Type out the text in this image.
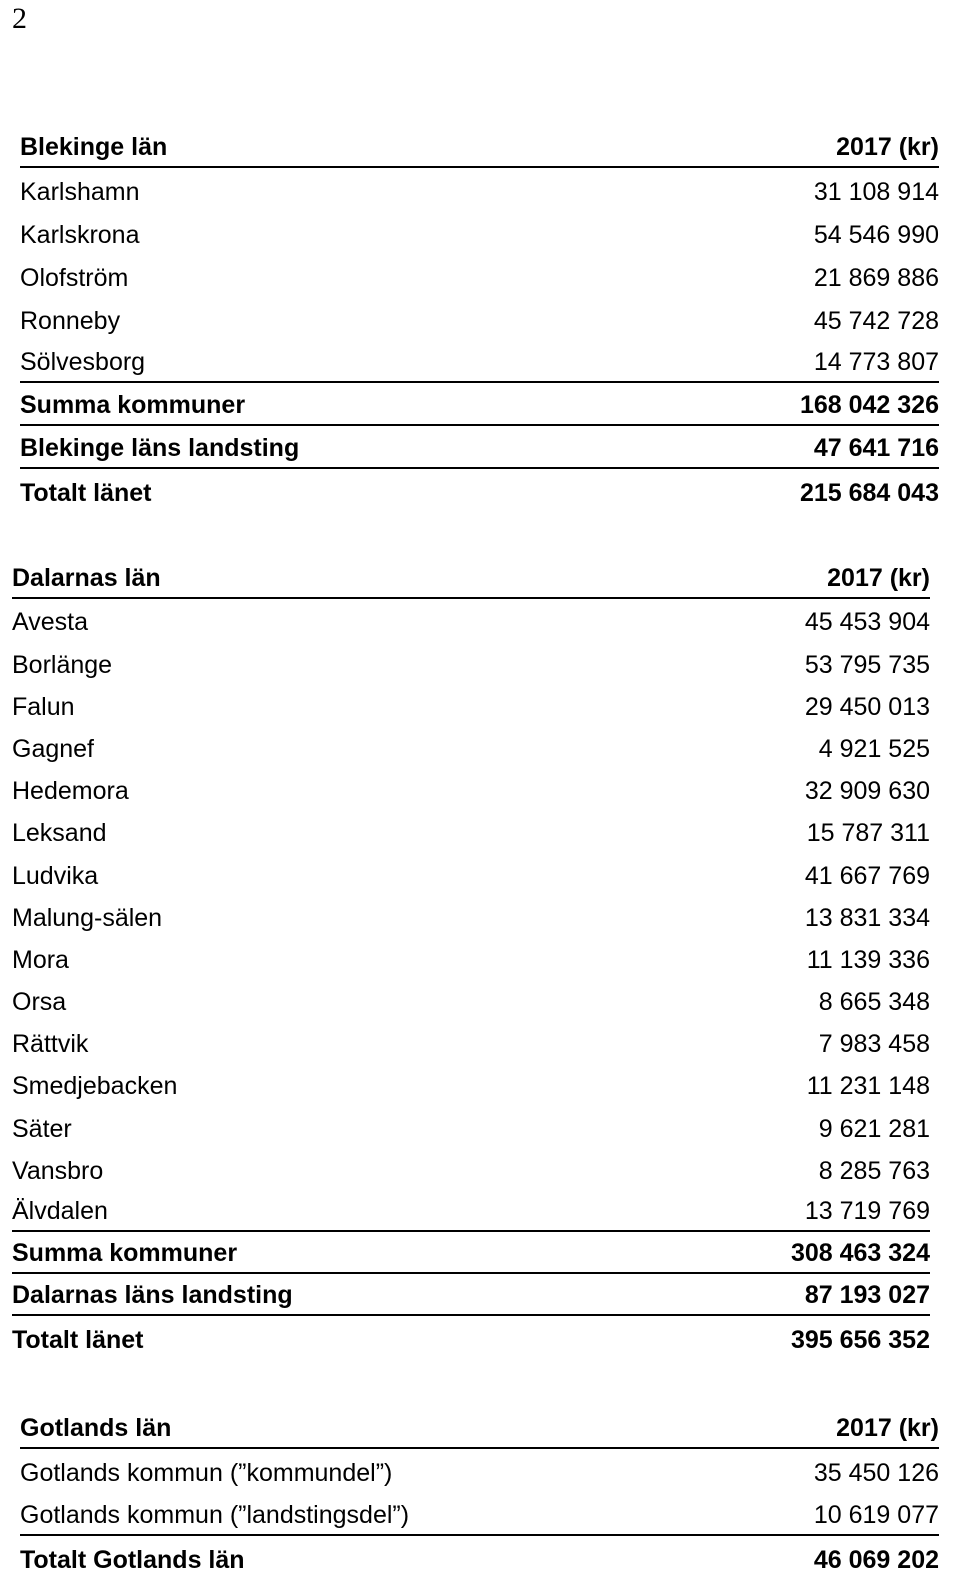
2
Blekinge län	2017 (kr)
Karlshamn	31 108 914
Karlskrona	54 546 990
Olofström	21 869 886
Ronneby	45 742 728
Sölvesborg	14 773 807
Summa kommuner	168 042 326
Blekinge läns landsting	47 641 716
Totalt länet	215 684 043
Dalarnas län	2017 (kr)
Avesta	45 453 904
Borlänge	53 795 735
Falun	29 450 013
Gagnef	4 921 525
Hedemora	32 909 630
Leksand	15 787 311
Ludvika	41 667 769
Malung-sälen	13 831 334
Mora	11 139 336
Orsa	8 665 348
Rättvik	7 983 458
Smedjebacken	11 231 148
Säter	9 621 281
Vansbro	8 285 763
Älvdalen	13 719 769
Summa kommuner	308 463 324
Dalarnas läns landsting	87 193 027
Totalt länet	395 656 352
Gotlands län	2017 (kr)
Gotlands kommun (”kommundel”)	35 450 126
Gotlands kommun (”landstingsdel”)	10 619 077
Totalt Gotlands län	46 069 202
